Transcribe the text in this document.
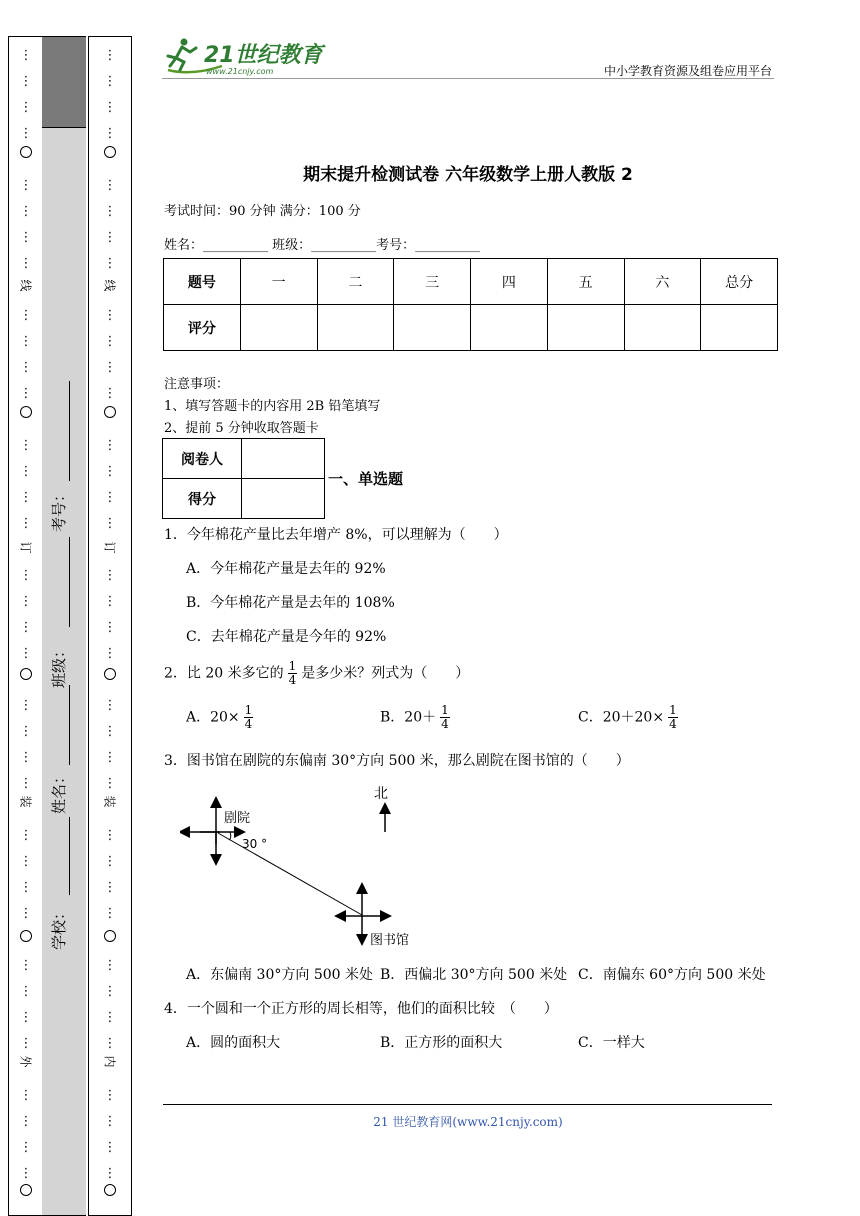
⋮
⋮
⋮
⋮
⋮
⋮
⋮
⋮
⋮
⋮
⋮
⋮
⋮
⋮
⋮
⋮
⋮
⋮
⋮
⋮
⋮
⋮
⋮
⋮
⋮
⋮
⋮
⋮
⋮
⋮
⋮
⋮
⋮
⋮
⋮
⋮
线
订
装
外
考号：
班级：
姓名：
学校：
⋮
⋮
⋮
⋮
⋮
⋮
⋮
⋮
⋮
⋮
⋮
⋮
⋮
⋮
⋮
⋮
⋮
⋮
⋮
⋮
⋮
⋮
⋮
⋮
⋮
⋮
⋮
⋮
⋮
⋮
⋮
⋮
⋮
⋮
⋮
⋮
线
订
装
内
21世纪教育
www.21cnjy.com	中小学教育资源及组卷应用平台
期末提升检测试卷 六年级数学上册人教版 2
考试时间：90 分钟 满分：100 分
姓名：__________ 班级：__________考号：__________
题号	一	二	三	四	五	六	总分
评分							
注意事项：
1、填写答题卡的内容用 2B 铅笔填写
2、提前 5 分钟收取答题卡
阅卷人	
得分	
一、单选题
1．今年棉花产量比去年增产 8%，可以理解为（　　）
A．今年棉花产量是去年的 92%
B．今年棉花产量是去年的 108%
C．去年棉花产量是今年的 92%
2．比 20 米多它的 $\frac{1}{4}$ 是多少米？列式为（　　）
A．$20\times \frac{1}{4}$	B．$20+ \frac{1}{4}$	C．$20+20\times \frac{1}{4}$
3．图书馆在剧院的东偏南 30°方向 500 米，那么剧院在图书馆的（　　）
北
剧院
30 °
图书馆
A．东偏南 30°方向 500 米处 B．西偏北 30°方向 500 米处 C．南偏东 60°方向 500 米处
4．一个圆和一个正方形的周长相等，他们的面积比较　（　　）
A．圆的面积大	B．正方形的面积大	C．一样大
21 世纪教育网(www.21cnjy.com)
